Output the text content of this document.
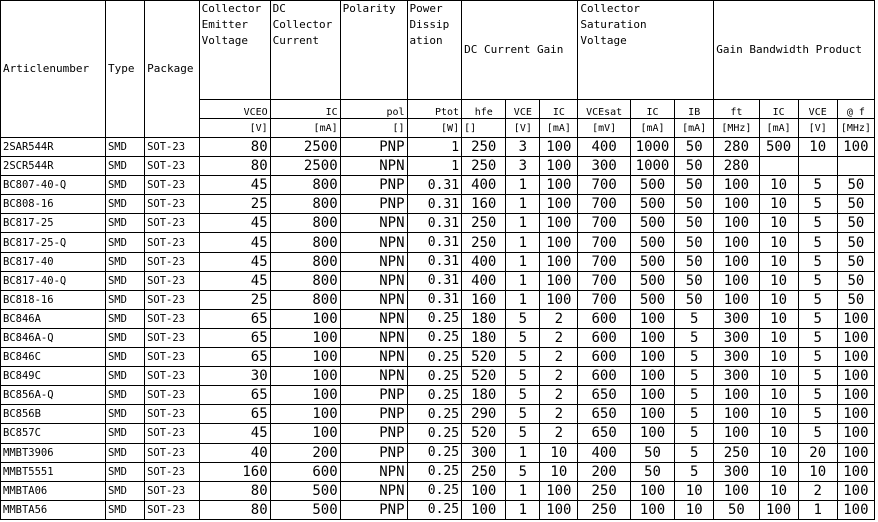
Articlenumber	Type	Package	Collector
Emitter
Voltage	DC
Collector
Current	Polarity	Power
Dissip
ation	DC Current Gain			Collector
Saturation
Voltage			Gain Bandwidth Product			
			VCEO	IC	pol	Ptot	hfe	VCE	IC	VCEsat	IC	IB	ft	IC	VCE	@ f
			[V]	[mA]	[]	[W]	[]	[V]	[mA]	[mV]	[mA]	[mA]	[MHz]	[mA]	[V]	[MHz]
2SAR544R	SMD	SOT-23	80	2500	PNP	1	250	3	100	400	1000	50	280	500	10	100
2SCR544R	SMD	SOT-23	80	2500	NPN	1	250	3	100	300	1000	50	280			
BC807-40-Q	SMD	SOT-23	45	800	PNP	0.31	400	1	100	700	500	50	100	10	5	50
BC808-16	SMD	SOT-23	25	800	PNP	0.31	160	1	100	700	500	50	100	10	5	50
BC817-25	SMD	SOT-23	45	800	NPN	0.31	250	1	100	700	500	50	100	10	5	50
BC817-25-Q	SMD	SOT-23	45	800	NPN	0.31	250	1	100	700	500	50	100	10	5	50
BC817-40	SMD	SOT-23	45	800	NPN	0.31	400	1	100	700	500	50	100	10	5	50
BC817-40-Q	SMD	SOT-23	45	800	NPN	0.31	400	1	100	700	500	50	100	10	5	50
BC818-16	SMD	SOT-23	25	800	NPN	0.31	160	1	100	700	500	50	100	10	5	50
BC846A	SMD	SOT-23	65	100	NPN	0.25	180	5	2	600	100	5	300	10	5	100
BC846A-Q	SMD	SOT-23	65	100	NPN	0.25	180	5	2	600	100	5	300	10	5	100
BC846C	SMD	SOT-23	65	100	NPN	0.25	520	5	2	600	100	5	300	10	5	100
BC849C	SMD	SOT-23	30	100	NPN	0.25	520	5	2	600	100	5	300	10	5	100
BC856A-Q	SMD	SOT-23	65	100	PNP	0.25	180	5	2	650	100	5	100	10	5	100
BC856B	SMD	SOT-23	65	100	PNP	0.25	290	5	2	650	100	5	100	10	5	100
BC857C	SMD	SOT-23	45	100	PNP	0.25	520	5	2	650	100	5	100	10	5	100
MMBT3906	SMD	SOT-23	40	200	PNP	0.25	300	1	10	400	50	5	250	10	20	100
MMBT5551	SMD	SOT-23	160	600	NPN	0.25	250	5	10	200	50	5	300	10	10	100
MMBTA06	SMD	SOT-23	80	500	NPN	0.25	100	1	100	250	100	10	100	10	2	100
MMBTA56	SMD	SOT-23	80	500	PNP	0.25	100	1	100	250	100	10	50	100	1	100
